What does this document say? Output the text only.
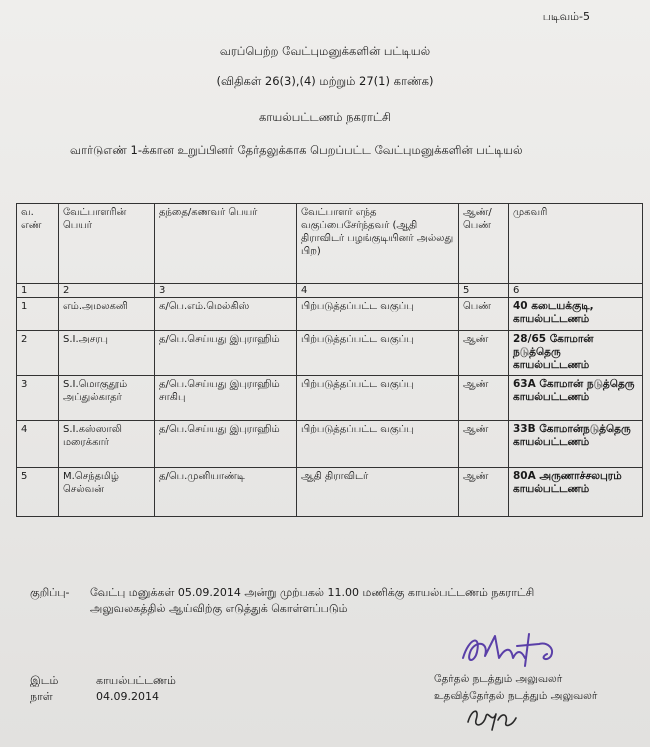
படிவம்-5
வரப்பெற்ற வேட்புமனுக்களின் பட்டியல்
(விதிகள் 26(3),(4) மற்றும் 27(1) காண்க)
காயல்பட்டணம் நகராட்சி
வார்டுஎண் 1-க்கான உறுப்பினர் தேர்தலுக்காக பெறப்பட்ட வேட்புமனுக்களின் பட்டியல்
வ. எண்	வேட்பாளரின் பெயர்	தந்தை/கணவர் பெயர்	வேட்பாளர் எந்த வகுப்பைசேர்ந்தவர் (ஆதி திராவிடர் பழங்குடியினர் அல்லது பிற)	ஆண்/ பெண்	முகவரி
1	2	3	4	5	6
1	எம்.அமலகனி	க/பெ.எம்.மெல்கிஸ்	பிற்படுத்தப்பட்ட வகுப்பு	பெண்	40 கடையக்குடி, காயல்பட்டணம்
2	S.I.அசரபு	த/பெ.செய்யது இபுராஹிம்	பிற்படுத்தப்பட்ட வகுப்பு	ஆண்	28/65 கோமான் நடுத்தெரு காயல்பட்டணம்
3	S.I.மொகுதூம் அப்துல்காதர்	த/பெ.செய்யது இபுராஹிம் சாகிபு	பிற்படுத்தப்பட்ட வகுப்பு	ஆண்	63A கோமான் நடுத்தெரு காயல்பட்டணம்
4	S.I.கஸ்ஸாலி மரைக்கார்	த/பெ.செய்யது இபுராஹிம்	பிற்படுத்தப்பட்ட வகுப்பு	ஆண்	33B கோமான்நடுத்தெரு காயல்பட்டணம்
5	M.செந்தமிழ் செல்வன்	த/பெ.முனியாண்டி	ஆதி திராவிடர்	ஆண்	80A அருணாச்சலபுரம் காயல்பட்டணம்
குறிப்பு- வேட்பு மனுக்கள் 05.09.2014 அன்று முற்பகல் 11.00 மணிக்கு காயல்பட்டணம் நகராட்சி
அலுவலகத்தில் ஆய்விற்கு எடுத்துக் கொள்ளப்படும்
இடம்	காயல்பட்டணம்
நாள்	04.09.2014
தேர்தல் நடத்தும் அலுவலர்
உதவித்தேர்தல் நடத்தும் அலுவலர்
